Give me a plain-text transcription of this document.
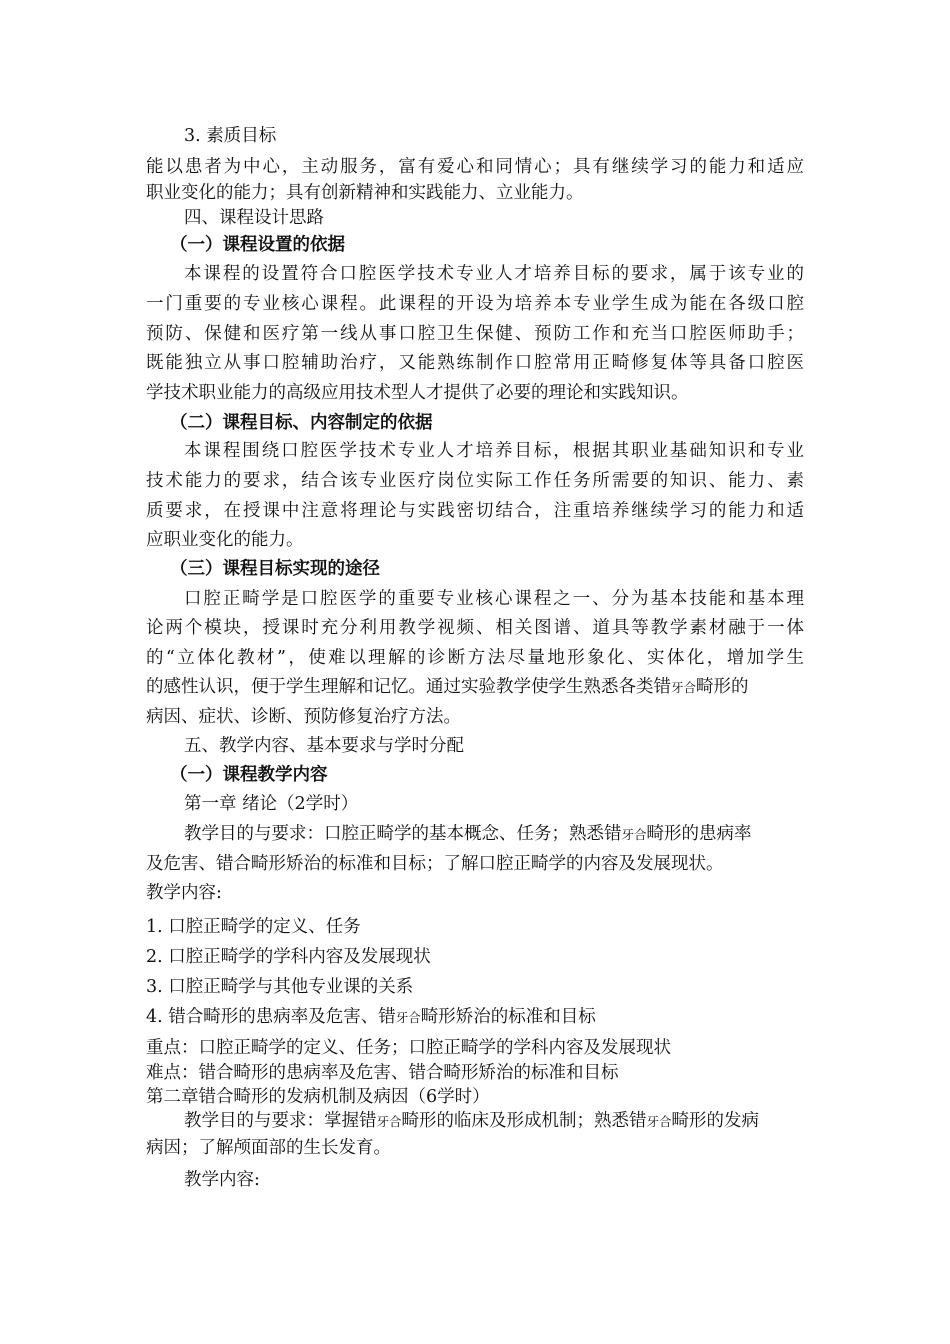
3. 素质目标
能以患者为中心，主动服务，富有爱心和同情心；具有继续学习的能力和适应
职业变化的能力；具有创新精神和实践能力、立业能力。
四、课程设计思路
（一）课程设置的依据
本课程的设置符合口腔医学技术专业人才培养目标的要求，属于该专业的
一门重要的专业核心课程。此课程的开设为培养本专业学生成为能在各级口腔
预防、保健和医疗第一线从事口腔卫生保健、预防工作和充当口腔医师助手；
既能独立从事口腔辅助治疗，又能熟练制作口腔常用正畸修复体等具备口腔医
学技术职业能力的高级应用技术型人才提供了必要的理论和实践知识。
（二）课程目标、内容制定的依据
本课程围绕口腔医学技术专业人才培养目标，根据其职业基础知识和专业
技术能力的要求，结合该专业医疗岗位实际工作任务所需要的知识、能力、素
质要求，在授课中注意将理论与实践密切结合，注重培养继续学习的能力和适
应职业变化的能力。
（三）课程目标实现的途径
口腔正畸学是口腔医学的重要专业核心课程之一、分为基本技能和基本理
论两个模块，授课时充分利用教学视频、相关图谱、道具等教学素材融于一体
的“立体化教材”，使难以理解的诊断方法尽量地形象化、实体化，增加学生
的感性认识，便于学生理解和记忆。通过实验教学使学生熟悉各类错牙合畸形的
病因、症状、诊断、预防修复治疗方法。
五、教学内容、基本要求与学时分配
（一）课程教学内容
第一章 绪论（2学时）
教学目的与要求：口腔正畸学的基本概念、任务；熟悉错牙合畸形的患病率
及危害、错合畸形矫治的标准和目标；了解口腔正畸学的内容及发展现状。
教学内容:
1. 口腔正畸学的定义、任务
2. 口腔正畸学的学科内容及发展现状
3. 口腔正畸学与其他专业课的关系
4. 错合畸形的患病率及危害、错牙合畸形矫治的标准和目标
重点：口腔正畸学的定义、任务；口腔正畸学的学科内容及发展现状
难点：错合畸形的患病率及危害、错合畸形矫治的标准和目标
第二章错合畸形的发病机制及病因（6学时）
教学目的与要求：掌握错牙合畸形的临床及形成机制；熟悉错牙合畸形的发病
病因；了解颅面部的生长发育。
教学内容:
